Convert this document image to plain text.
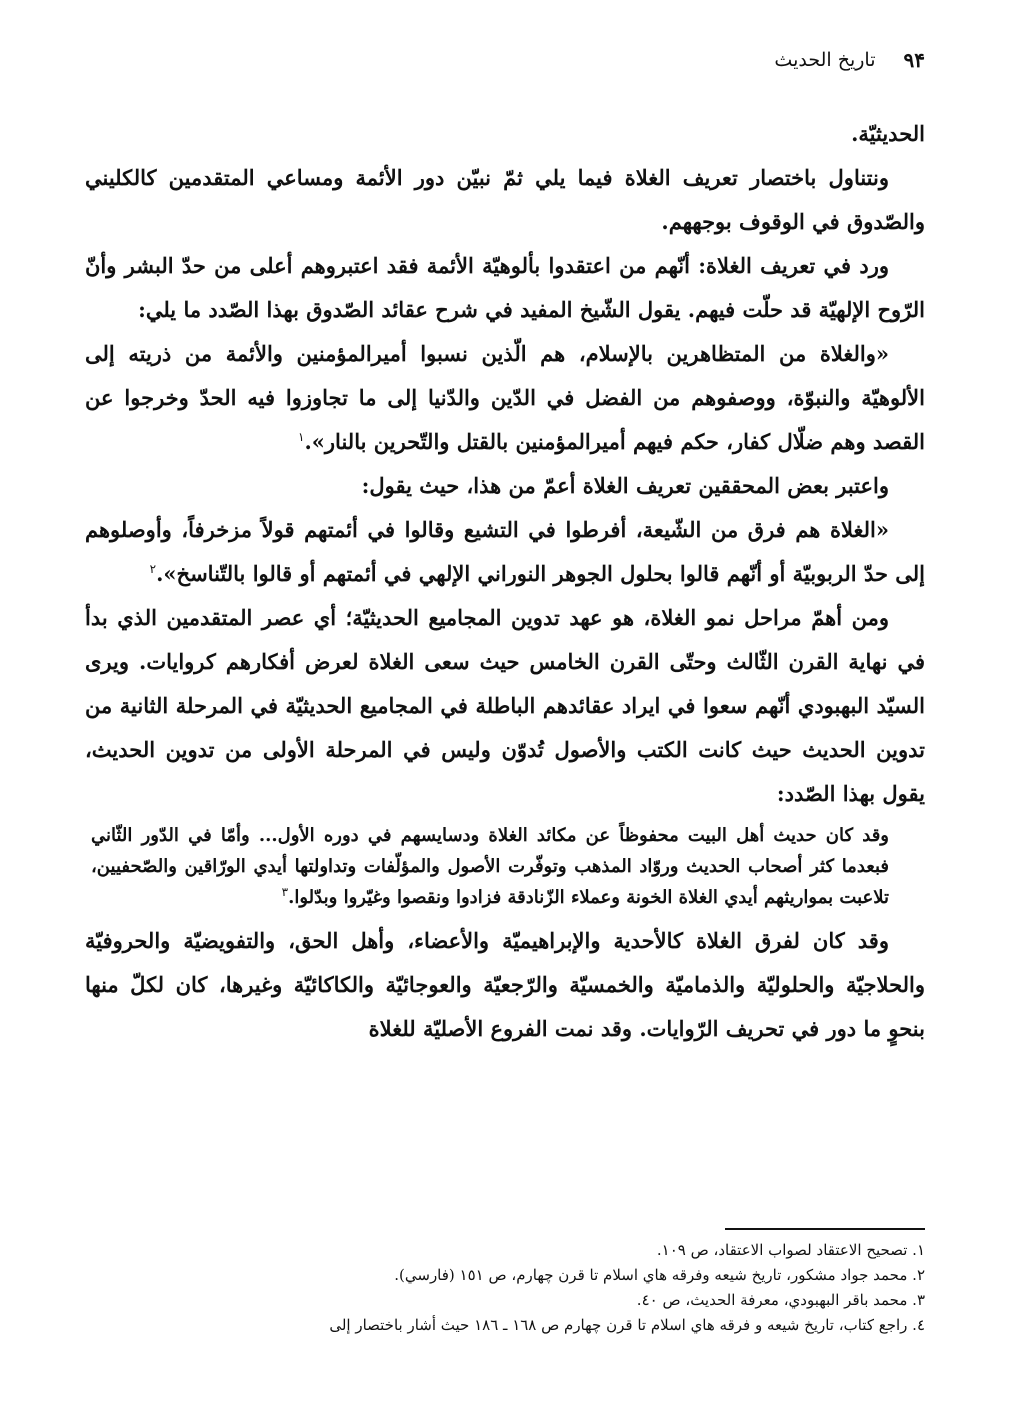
٩۴
تاريخ الحديث

الحديثيّة.

ونتناول باختصار تعريف الغلاة فيما يلي ثمّ نبيّن دور الأئمة ومساعي المتقدمين كالكليني والصّدوق في الوقوف بوجههم.

ورد في تعريف الغلاة: أنّهم من اعتقدوا بألوهيّة الأئمة فقد اعتبروهم أعلى من حدّ البشر وأنّ الرّوح الإلهيّة قد حلّت فيهم. يقول الشّيخ المفيد في شرح عقائد الصّدوق بهذا الصّدد ما يلي:

«والغلاة من المتظاهرين بالإسلام، هم الّذين نسبوا أميرالمؤمنين والأئمة من ذريته إلى الألوهيّة والنبوّة، ووصفوهم من الفضل في الدّين والدّنيا إلى ما تجاوزوا فيه الحدّ وخرجوا عن القصد وهم ضلّال كفار، حكم فيهم أميرالمؤمنين بالقتل والتّحرين بالنار».$^١$

واعتبر بعض المحققين تعريف الغلاة أعمّ من هذا، حيث يقول:

«الغلاة هم فرق من الشّيعة، أفرطوا في التشيع وقالوا في أئمتهم قولاً مزخرفاً، وأوصلوهم إلى حدّ الربوبيّة أو أنّهم قالوا بحلول الجوهر النوراني الإلهي في أئمتهم أو قالوا بالتّناسخ».$^٢$

ومن أهمّ مراحل نمو الغلاة، هو عهد تدوين المجاميع الحديثيّة؛ أي عصر المتقدمين الذي بدأ في نهاية القرن الثّالث وحتّى القرن الخامس حيث سعى الغلاة لعرض أفكارهم كروايات. ويرى السيّد البهبودي أنّهم سعوا في ايراد عقائدهم الباطلة في المجاميع الحديثيّة في المرحلة الثانية من تدوين الحديث حيث كانت الكتب والأصول تُدوّن وليس في المرحلة الأولى من تدوين الحديث، يقول بهذا الصّدد:

وقد كان حديث أهل البيت محفوظاً عن مكائد الغلاة ودسايسهم في دوره الأول... وأمّا في الدّور الثّاني فبعدما كثر أصحاب الحديث وروّاد المذهب وتوفّرت الأصول والمؤلّفات وتداولتها أيدي الورّاقين والصّحفيين، تلاعبت بمواريثهم أيدي الغلاة الخونة وعملاء الزّنادقة فزادوا ونقصوا وغيّروا وبدّلوا.$^٣$

وقد كان لفرق الغلاة كالأحدية والإبراهيميّة والأعضاء، وأهل الحق، والتفويضيّة والحروفيّة والحلاجيّة والحلوليّة والذماميّة والخمسيّة والرّجعيّة والعوجائيّة والكاكائيّة وغيرها، كان لكلّ منها بنحوٍ ما دور في تحريف الرّوايات. وقد نمت الفروع الأصليّة للغلاة

١. تصحيح الاعتقاد لصواب الاعتقاد، ص ١٠٩.
٢. محمد جواد مشكور، تاريخ شيعه وفرقه هاي اسلام تا قرن چهارم، ص ١٥١ (فارسي).
٣. محمد باقر البهبودي، معرفة الحديث، ص ٤٠.
٤. راجع كتاب، تاريخ شيعه و فرقه هاي اسلام تا قرن چهارم ص ١٦٨ ـ ١٨٦ حيث أشار باختصار إلى
